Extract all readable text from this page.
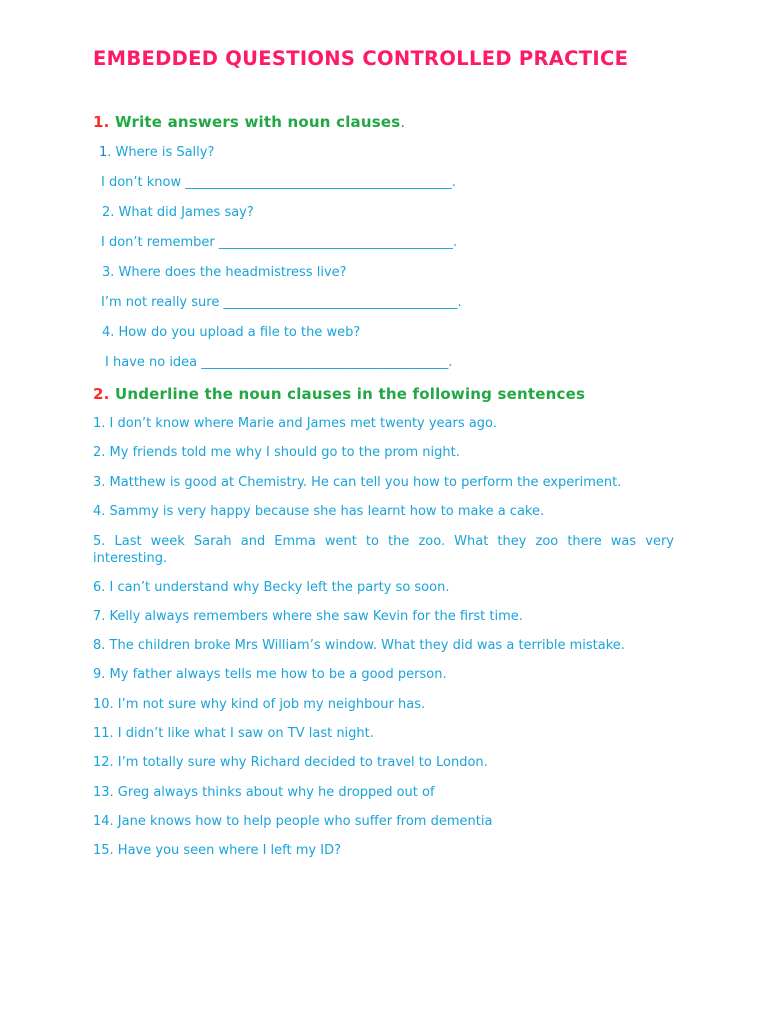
EMBEDDED QUESTIONS CONTROLLED PRACTICE
1. Write answers with noun clauses.
1. Where is Sally?
I don’t know _________________________________________.
2. What did James say?
I don’t remember ____________________________________.
3. Where does the headmistress live?
I’m not really sure ____________________________________.
4. How do you upload a file to the web?
I have no idea ______________________________________.
2. Underline the noun clauses in the following sentences
1. I don’t know where Marie and James met twenty years ago.
2. My friends told me why I should go to the prom night.
3. Matthew is good at Chemistry. He can tell you how to perform the experiment.
4. Sammy is very happy because she has learnt how to make a cake.
5. Last week Sarah and Emma went to the zoo. What they zoo there was very interesting.
6. I can’t understand why Becky left the party so soon.
7. Kelly always remembers where she saw Kevin for the first time.
8. The children broke Mrs William’s window. What they did was a terrible mistake.
9. My father always tells me how to be a good person.
10. I’m not sure why kind of job my neighbour has.
11. I didn’t like what I saw on TV last night.
12. I’m totally sure why Richard decided to travel to London.
13. Greg always thinks about why he dropped out of
14. Jane knows how to help people who suffer from dementia
15. Have you seen where I left my ID?
